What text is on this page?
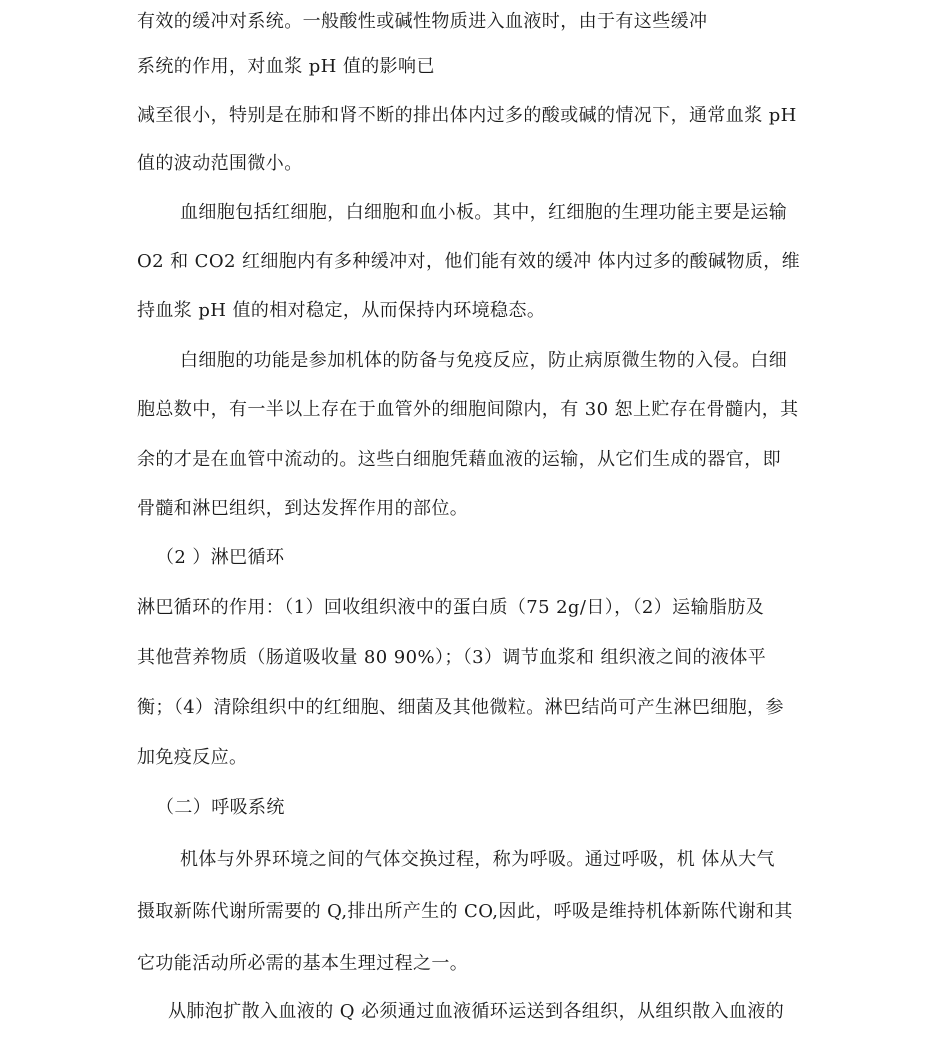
有效的缓冲对系统。一般酸性或碱性物质进入血液时，由于有这些缓冲
系统的作用，对血浆 pH 值的影响已
减至很小，特别是在肺和肾不断的排出体内过多的酸或碱的情况下，通常血浆 pH
值的波动范围微小。
血细胞包括红细胞，白细胞和血小板。其中，红细胞的生理功能主要是运输
O2 和 CO2 红细胞内有多种缓冲对，他们能有效的缓冲 体内过多的酸碱物质，维
持血浆 pH 值的相对稳定，从而保持内环境稳态。
白细胞的功能是参加机体的防备与免疫反应，防止病原微生物的入侵。白细
胞总数中，有一半以上存在于血管外的细胞间隙内，有 30 恕上贮存在骨髓内，其
余的才是在血管中流动的。这些白细胞凭藉血液的运输，从它们生成的器官，即
骨髓和淋巴组织，到达发挥作用的部位。
（2 ）淋巴循环
淋巴循环的作用：（1）回收组织液中的蛋白质（75 2g/日），（2）运输脂肪及
其他营养物质（肠道吸收量 80 90%）；（3）调节血浆和 组织液之间的液体平
衡；（4）清除组织中的红细胞、细菌及其他微粒。淋巴结尚可产生淋巴细胞，参
加免疫反应。
（二）呼吸系统
机体与外界环境之间的气体交换过程，称为呼吸。通过呼吸，机 体从大气
摄取新陈代谢所需要的 Q,排出所产生的 CO,因此，呼吸是维持机体新陈代谢和其
它功能活动所必需的基本生理过程之一。
从肺泡扩散入血液的 Q 必须通过血液循环运送到各组织，从组织散入血液的
